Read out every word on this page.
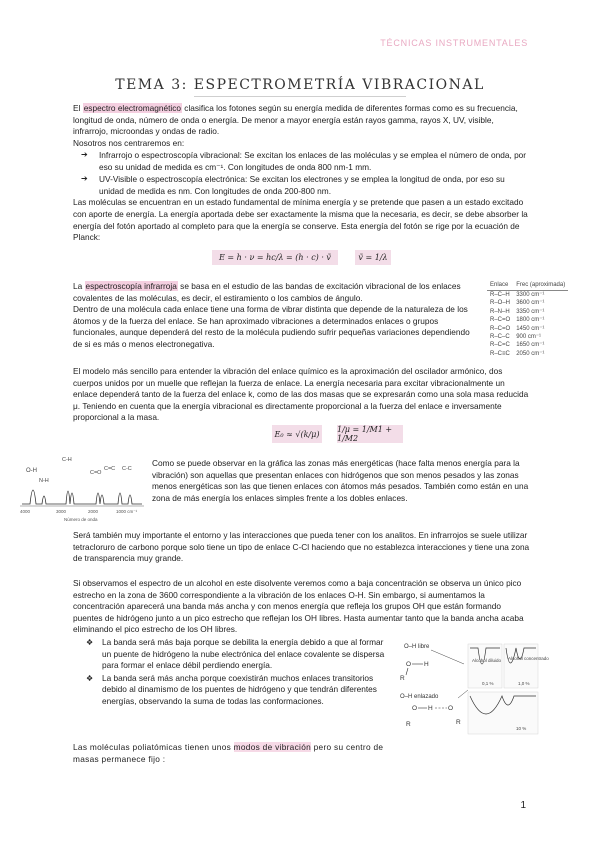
TÉCNICAS INSTRUMENTALES
TEMA 3: ESPECTROMETRÍA VIBRACIONAL

El espectro electromagnético clasifica los fotones según su energía medida de diferentes formas como es su frecuencia, longitud de onda, número de onda o energía. De menor a mayor energía están rayos gamma, rayos X, UV, visible, infrarrojo, microondas y ondas de radio.

Nosotros nos centraremos en:

➔ Infrarrojo o espectroscopía vibracional: Se excitan los enlaces de las moléculas y se emplea el número de onda, por eso su unidad de medida es cm⁻¹. Con longitudes de onda 800 nm-1 mm.
➔ UV-Visible o espectroscopía electrónica: Se excitan los electrones y se emplea la longitud de onda, por eso su unidad de medida es nm. Con longitudes de onda 200-800 nm.

Las moléculas se encuentran en un estado fundamental de mínima energía y se pretende que pasen a un estado excitado con aporte de energía. La energía aportada debe ser exactamente la misma que la necesaria, es decir, se debe absorber la energía del fotón aportado al completo para que la energía se conserve. Esta energía del fotón se rige por la ecuación de Planck:

E = h · ν = hc/λ = (h · c) · ṽ	ṽ = 1/λ

La espectroscopía infrarroja se basa en el estudio de las bandas de excitación vibracional de los enlaces covalentes de las moléculas, es decir, el estiramiento o los cambios de ángulo.

Dentro de una molécula cada enlace tiene una forma de vibrar distinta que depende de la naturaleza de los átomos y de la fuerza del enlace. Se han aproximado vibraciones a determinados enlaces o grupos funcionales, aunque dependerá del resto de la molécula pudiendo sufrir pequeñas variaciones dependiendo de si es más o menos electronegativa.

Enlace	Frec (aproximada)
R–C–H	3300 cm⁻¹
R–O–H	3600 cm⁻¹
R–N–H	3350 cm⁻¹
R–C=O	1800 cm⁻¹
R–C=O	1450 cm⁻¹
R–C–C	900 cm⁻¹
R–C=C	1650 cm⁻¹
R–C≡C	2050 cm⁻¹

El modelo más sencillo para entender la vibración del enlace químico es la aproximación del oscilador armónico, dos cuerpos unidos por un muelle que reflejan la fuerza de enlace. La energía necesaria para excitar vibracionalmente un enlace dependerá tanto de la fuerza del enlace k, como de las dos masas que se expresarán como una sola masa reducida μ. Teniendo en cuenta que la energía vibracional es directamente proporcional a la fuerza del enlace e inversamente proporcional a la masa.

E₀ ≈ √(k/μ)	1/μ = 1/M1 + 1/M2
O-H
N-H
C-H
C=O
C=C C-C
4000	3000	2000	1000 cm⁻¹
Número de onda

Como se puede observar en la gráfica las zonas más energéticas (hace falta menos energía para la vibración) son aquellas que presentan enlaces con hidrógenos que son menos pesados y las zonas menos energéticas son las que tienen enlaces con átomos más pesados. También como están en una zona de más energía los enlaces simples frente a los dobles enlaces.

Será también muy importante el entorno y las interacciones que pueda tener con los analitos. En infrarrojos se suele utilizar tetracloruro de carbono porque solo tiene un tipo de enlace C-Cl haciendo que no establezca interacciones y tiene una zona de transparencia muy grande.

Si observamos el espectro de un alcohol en este disolvente veremos como a baja concentración se observa un único pico estrecho en la zona de 3600 correspondiente a la vibración de los enlaces O-H. Sin embargo, si aumentamos la concentración aparecerá una banda más ancha y con menos energía que refleja los grupos OH que están formando puentes de hidrógeno junto a un pico estrecho que reflejan los OH libres. Hasta aumentar tanto que la banda ancha acaba eliminando el pico estrecho de los OH libres.

❖ La banda será más baja porque se debilita la energía debido a que al formar un puente de hidrógeno la nube electrónica del enlace covalente se dispersa para formar el enlace débil perdiendo energía.
❖ La banda será más ancha porque coexistirán muchos enlaces transitorios debido al dinamismo de los puentes de hidrógeno y que tendrán diferentes energías, observando la suma de todas las conformaciones.
O–H libre
O–H enlazado
O H
R
O H O
R	R
Alcohol diluido
0,1 %
Alcohol concentrado
1,0 %
10 %

Las moléculas poliatómicas tienen unos modos de vibración pero su centro de masas permanece fijo :

1
